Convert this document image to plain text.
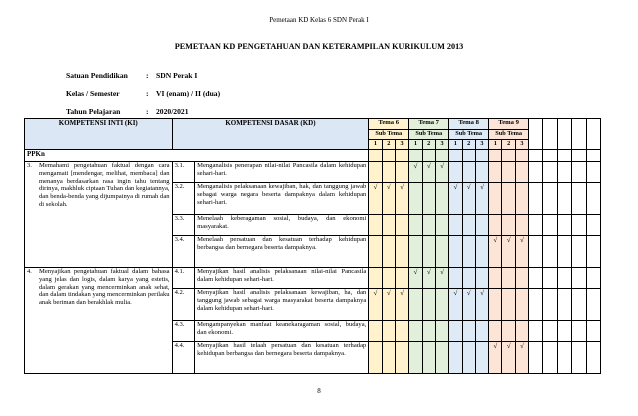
Pemetaan KD Kelas 6 SDN Perak I
PEMETAAN KD PENGETAHUAN DAN KETERAMPILAN KURIKULUM 2013
Satuan Pendidikan	: SDN Perak I
Kelas / Semester	: VI (enam) / II (dua)
Tahun Pelajaran	: 2020/2021
KOMPETENSI INTI (KI)	KOMPETENSI DASAR (KD)		Tema 6			Tema 7			Tema 8			Tema 9							
			Sub Tema			Sub Tema			Sub Tema			Sub Tema							
			1	2	3	1	2	3	1	2	3	1	2	3					
PPKn																			

3. Memahami pengetahuan faktual dengan cara mengamati [mendengar, melihat, membaca] dan menanya berdasarkan rasa ingin tahu tentang dirinya, makhluk ciptaan Tuhan dan kegiatannya, dan benda-benda yang dijumpainya di rumah dan di sekolah.	3.1.	Menganalisis penerapan nilai-nilai Pancasila dalam kehidupan sehari-hari.				√	√	√											
	3.2.	Menganalisis pelaksanaan kewajiban, hak, dan tanggung jawab sebagai warga negara beserta dampaknya dalam kehidupan sehari-hari.	√	√	√				√	√	√								
	3.3.	Menelaah keberagaman sosial, budaya, dan ekonomi masyarakat.																	
	3.4.	Menelaah persatuan dan kesatuan terhadap kehidupan berbangsa dan bernegara beserta dampaknya.										√	√	√					

4. Menyajikan pengetahuan faktual dalam bahasa yang jelas dan logis, dalam karya yang estetis, dalam gerakan yang mencerminkan anak sehat, dan dalam tindakan yang mencerminkan perilaku anak beriman dan berakhlak mulia.	4.1.	Menyajikan hasil analisis pelaksanaan nilai-nilai Pancasila dalam kehidupan sehari-hari.				√	√	√											
	4.2.	Menyajikan hasil analisis pelaksanaan kewajiban, ha, dan tanggung jawab sebagai warga masyarakat beserta dampaknya dalam kehidupan sehari-hari.	√	√	√				√	√	√								
	4.3.	Mengampanyekan manfaat keanekaragaman sosial, budaya, dan ekonomi.																	
	4.4.	Menyajikan hasil telaah persatuan dan kesatuan terhadap kehidupan berbangsa dan bernegara beserta dampaknya.										√	√	√					
8
